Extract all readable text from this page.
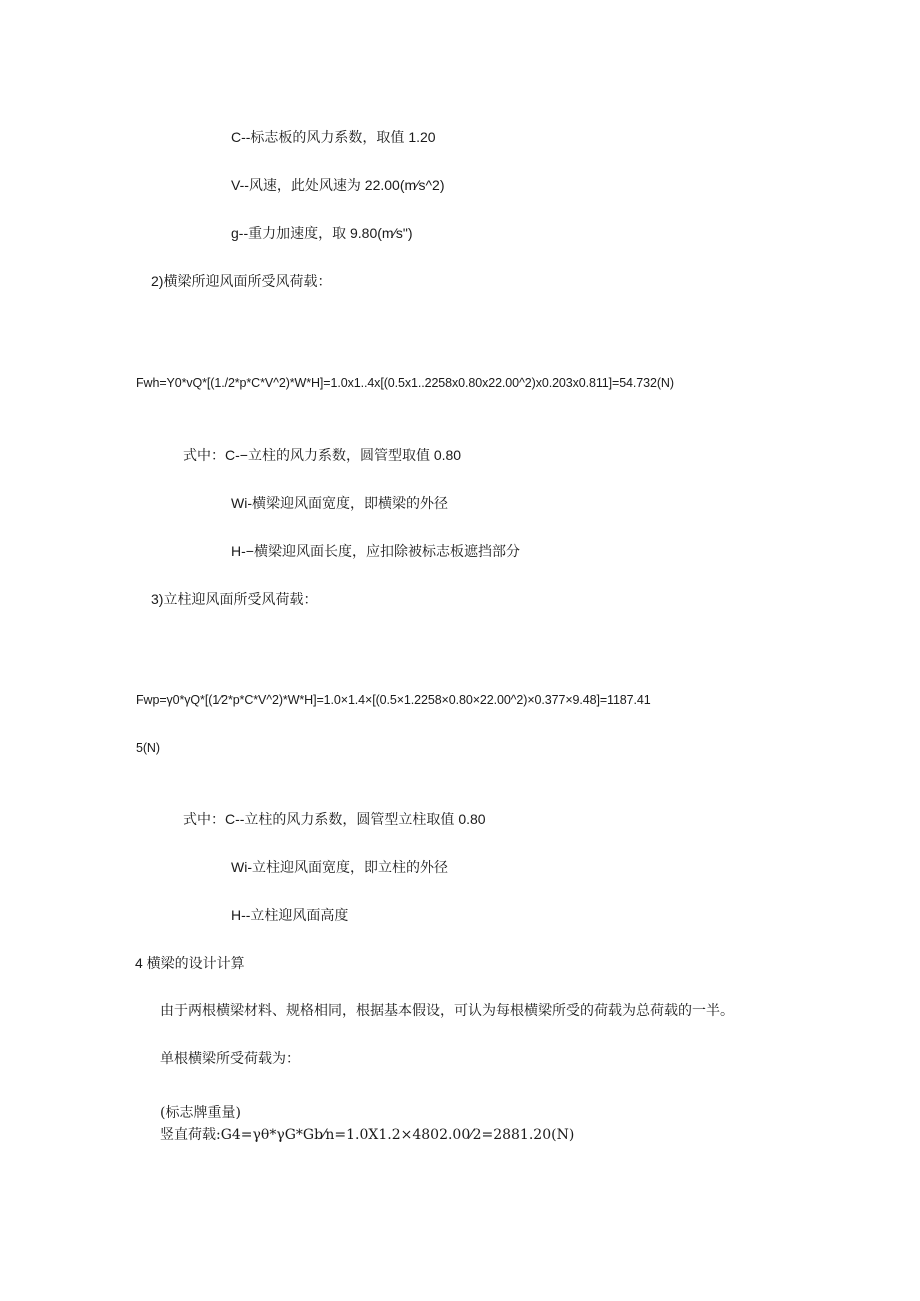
C--标志板的风力系数，取值 1.20
V--风速，此处风速为 22.00(m∕s^2)
g--重力加速度，取 9.80(m∕s")
2)横梁所迎风面所受风荷载：
Fwh=Y0*vQ*[(1./2*p*C*V^2)*W*H]=1.0x1..4x[(0.5x1..2258x0.80x22.00^2)x0.203x0.811]=54.732(N)
式中：C-−立柱的风力系数，圆管型取值 0.80
Wi-横梁迎风面宽度，即横梁的外径
H-−横梁迎风面长度，应扣除被标志板遮挡部分
3)立柱迎风面所受风荷载：
Fwp=γ0*γQ*[(1⁄2*p*C*V^2)*W*H]=1.0×1.4×[(0.5×1.2258×0.80×22.00^2)×0.377×9.48]=1187.41
5(N)
式中：C--立柱的风力系数，圆管型立柱取值 0.80
Wi-立柱迎风面宽度，即立柱的外径
H--立柱迎风面高度
4 横梁的设计计算
由于两根横梁材料、规格相同，根据基本假设，可认为每根横梁所受的荷载为总荷载的一半。
单根横梁所受荷载为：
(标志牌重量)
竖直荷载:G4=γθ*γG*Gb⁄n=1.0X1.2×4802.00⁄2=2881.20(N)
